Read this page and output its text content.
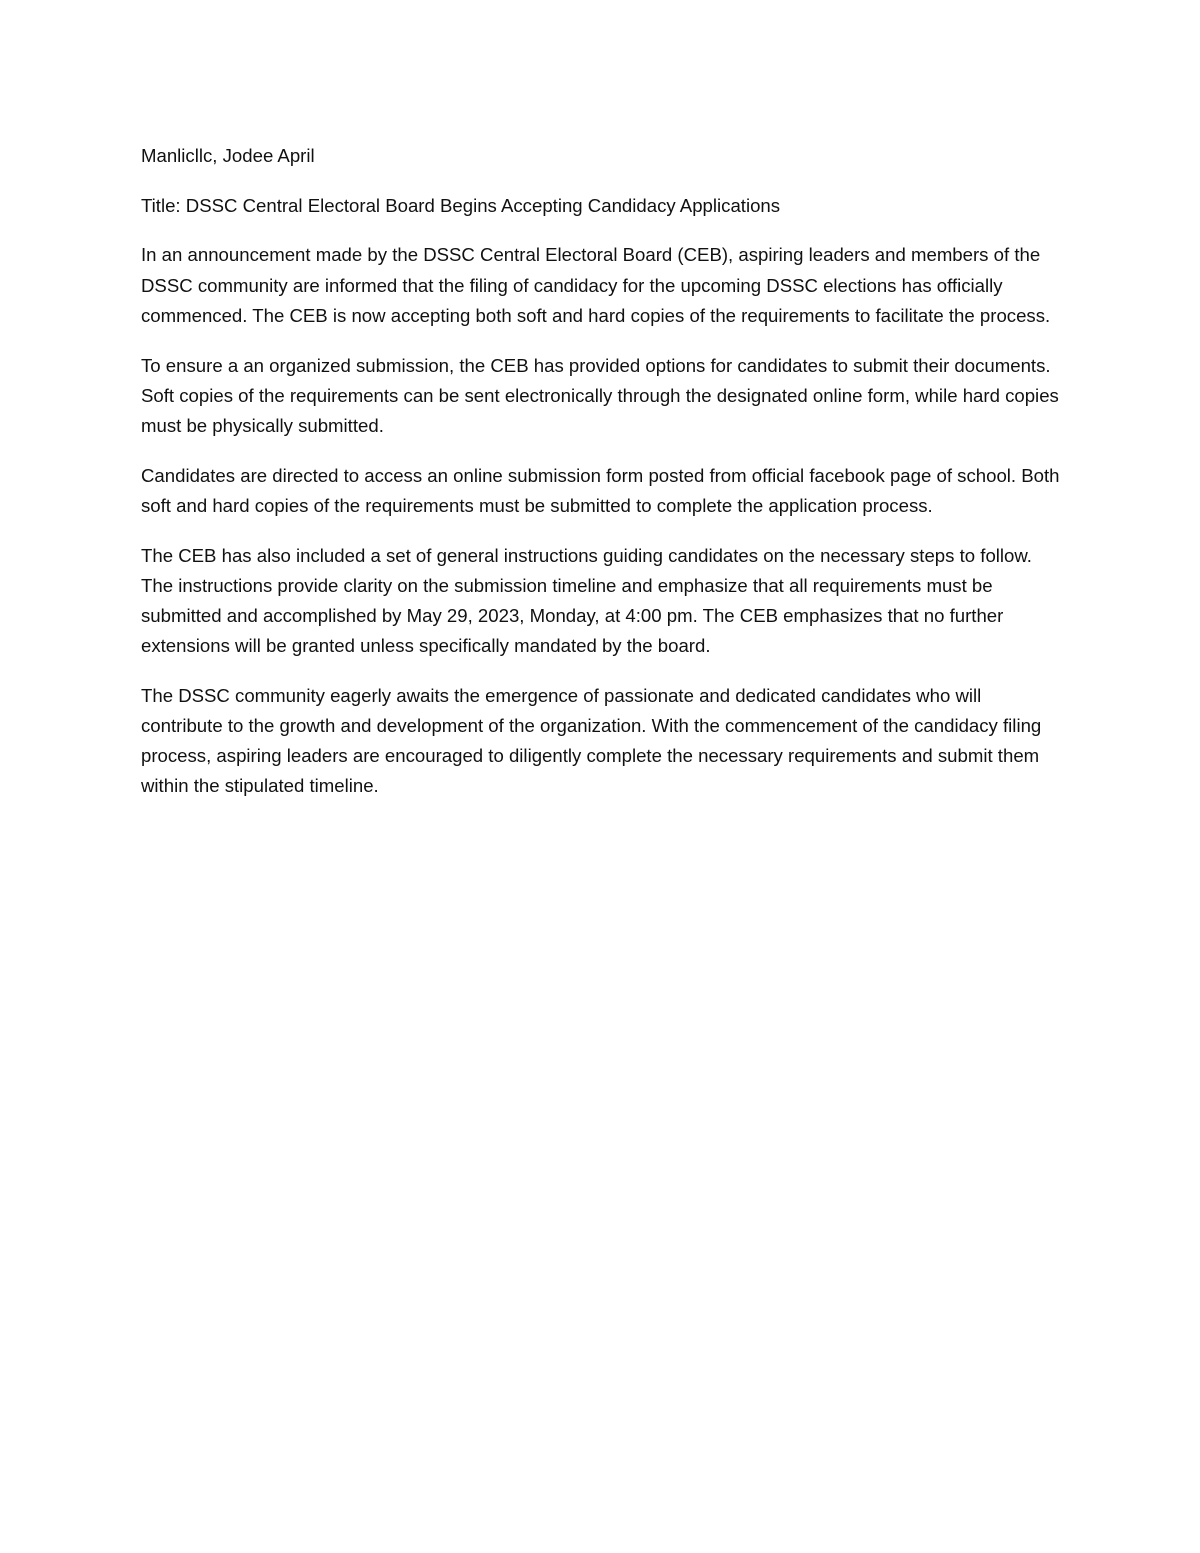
Manlicllc, Jodee April

Title: DSSC Central Electoral Board Begins Accepting Candidacy Applications

In an announcement made by the DSSC Central Electoral Board (CEB), aspiring leaders and members of the DSSC community are informed that the filing of candidacy for the upcoming DSSC elections has officially commenced. The CEB is now accepting both soft and hard copies of the requirements to facilitate the process.

To ensure a an organized submission, the CEB has provided options for candidates to submit their documents. Soft copies of the requirements can be sent electronically through the designated online form, while hard copies must be physically submitted.

Candidates are directed to access an online submission form posted from official facebook page of school. Both soft and hard copies of the requirements must be submitted to complete the application process.

The CEB has also included a set of general instructions guiding candidates on the necessary steps to follow. The instructions provide clarity on the submission timeline and emphasize that all requirements must be submitted and accomplished by May 29, 2023, Monday, at 4:00 pm. The CEB emphasizes that no further extensions will be granted unless specifically mandated by the board.

The DSSC community eagerly awaits the emergence of passionate and dedicated candidates who will contribute to the growth and development of the organization. With the commencement of the candidacy filing process, aspiring leaders are encouraged to diligently complete the necessary requirements and submit them within the stipulated timeline.
